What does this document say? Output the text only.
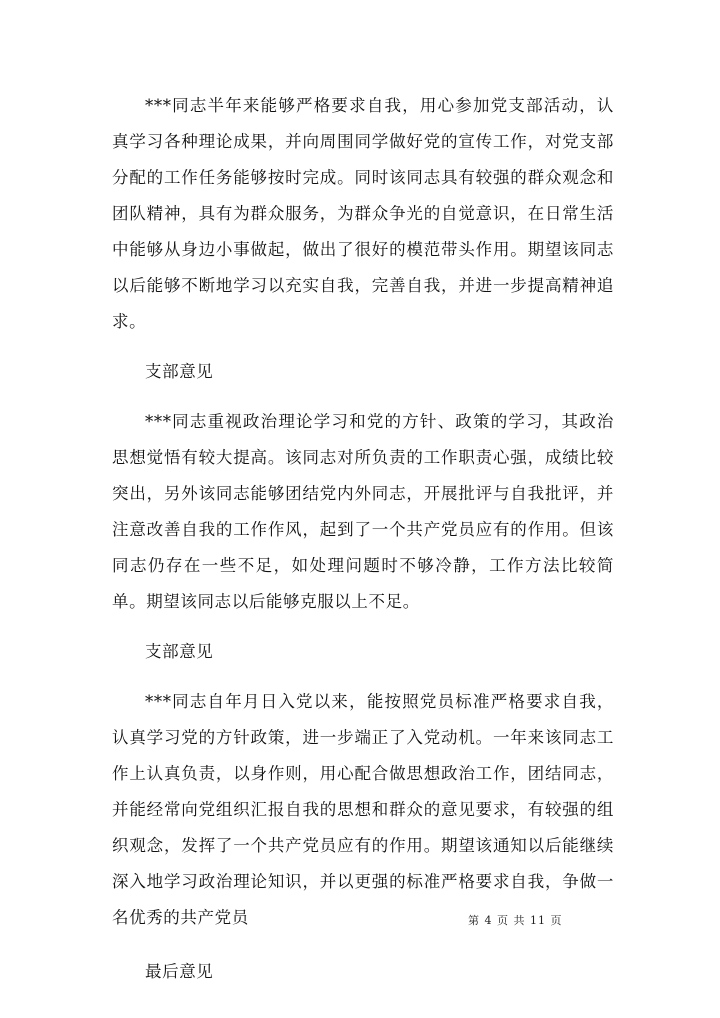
***同志半年来能够严格要求自我，用心参加党支部活动，认真学习各种理论成果，并向周围同学做好党的宣传工作，对党支部分配的工作任务能够按时完成。同时该同志具有较强的群众观念和团队精神，具有为群众服务，为群众争光的自觉意识，在日常生活中能够从身边小事做起，做出了很好的模范带头作用。期望该同志以后能够不断地学习以充实自我，完善自我，并进一步提高精神追求。

支部意见

***同志重视政治理论学习和党的方针、政策的学习，其政治思想觉悟有较大提高。该同志对所负责的工作职责心强，成绩比较突出，另外该同志能够团结党内外同志，开展批评与自我批评，并注意改善自我的工作作风，起到了一个共产党员应有的作用。但该同志仍存在一些不足，如处理问题时不够冷静，工作方法比较简单。期望该同志以后能够克服以上不足。

支部意见

***同志自年月日入党以来，能按照党员标准严格要求自我，认真学习党的方针政策，进一步端正了入党动机。一年来该同志工作上认真负责，以身作则，用心配合做思想政治工作，团结同志，并能经常向党组织汇报自我的思想和群众的意见要求，有较强的组织观念，发挥了一个共产党员应有的作用。期望该通知以后能继续深入地学习政治理论知识，并以更强的标准严格要求自我，争做一名优秀的共产党员

最后意见

第 4 页 共 11 页
